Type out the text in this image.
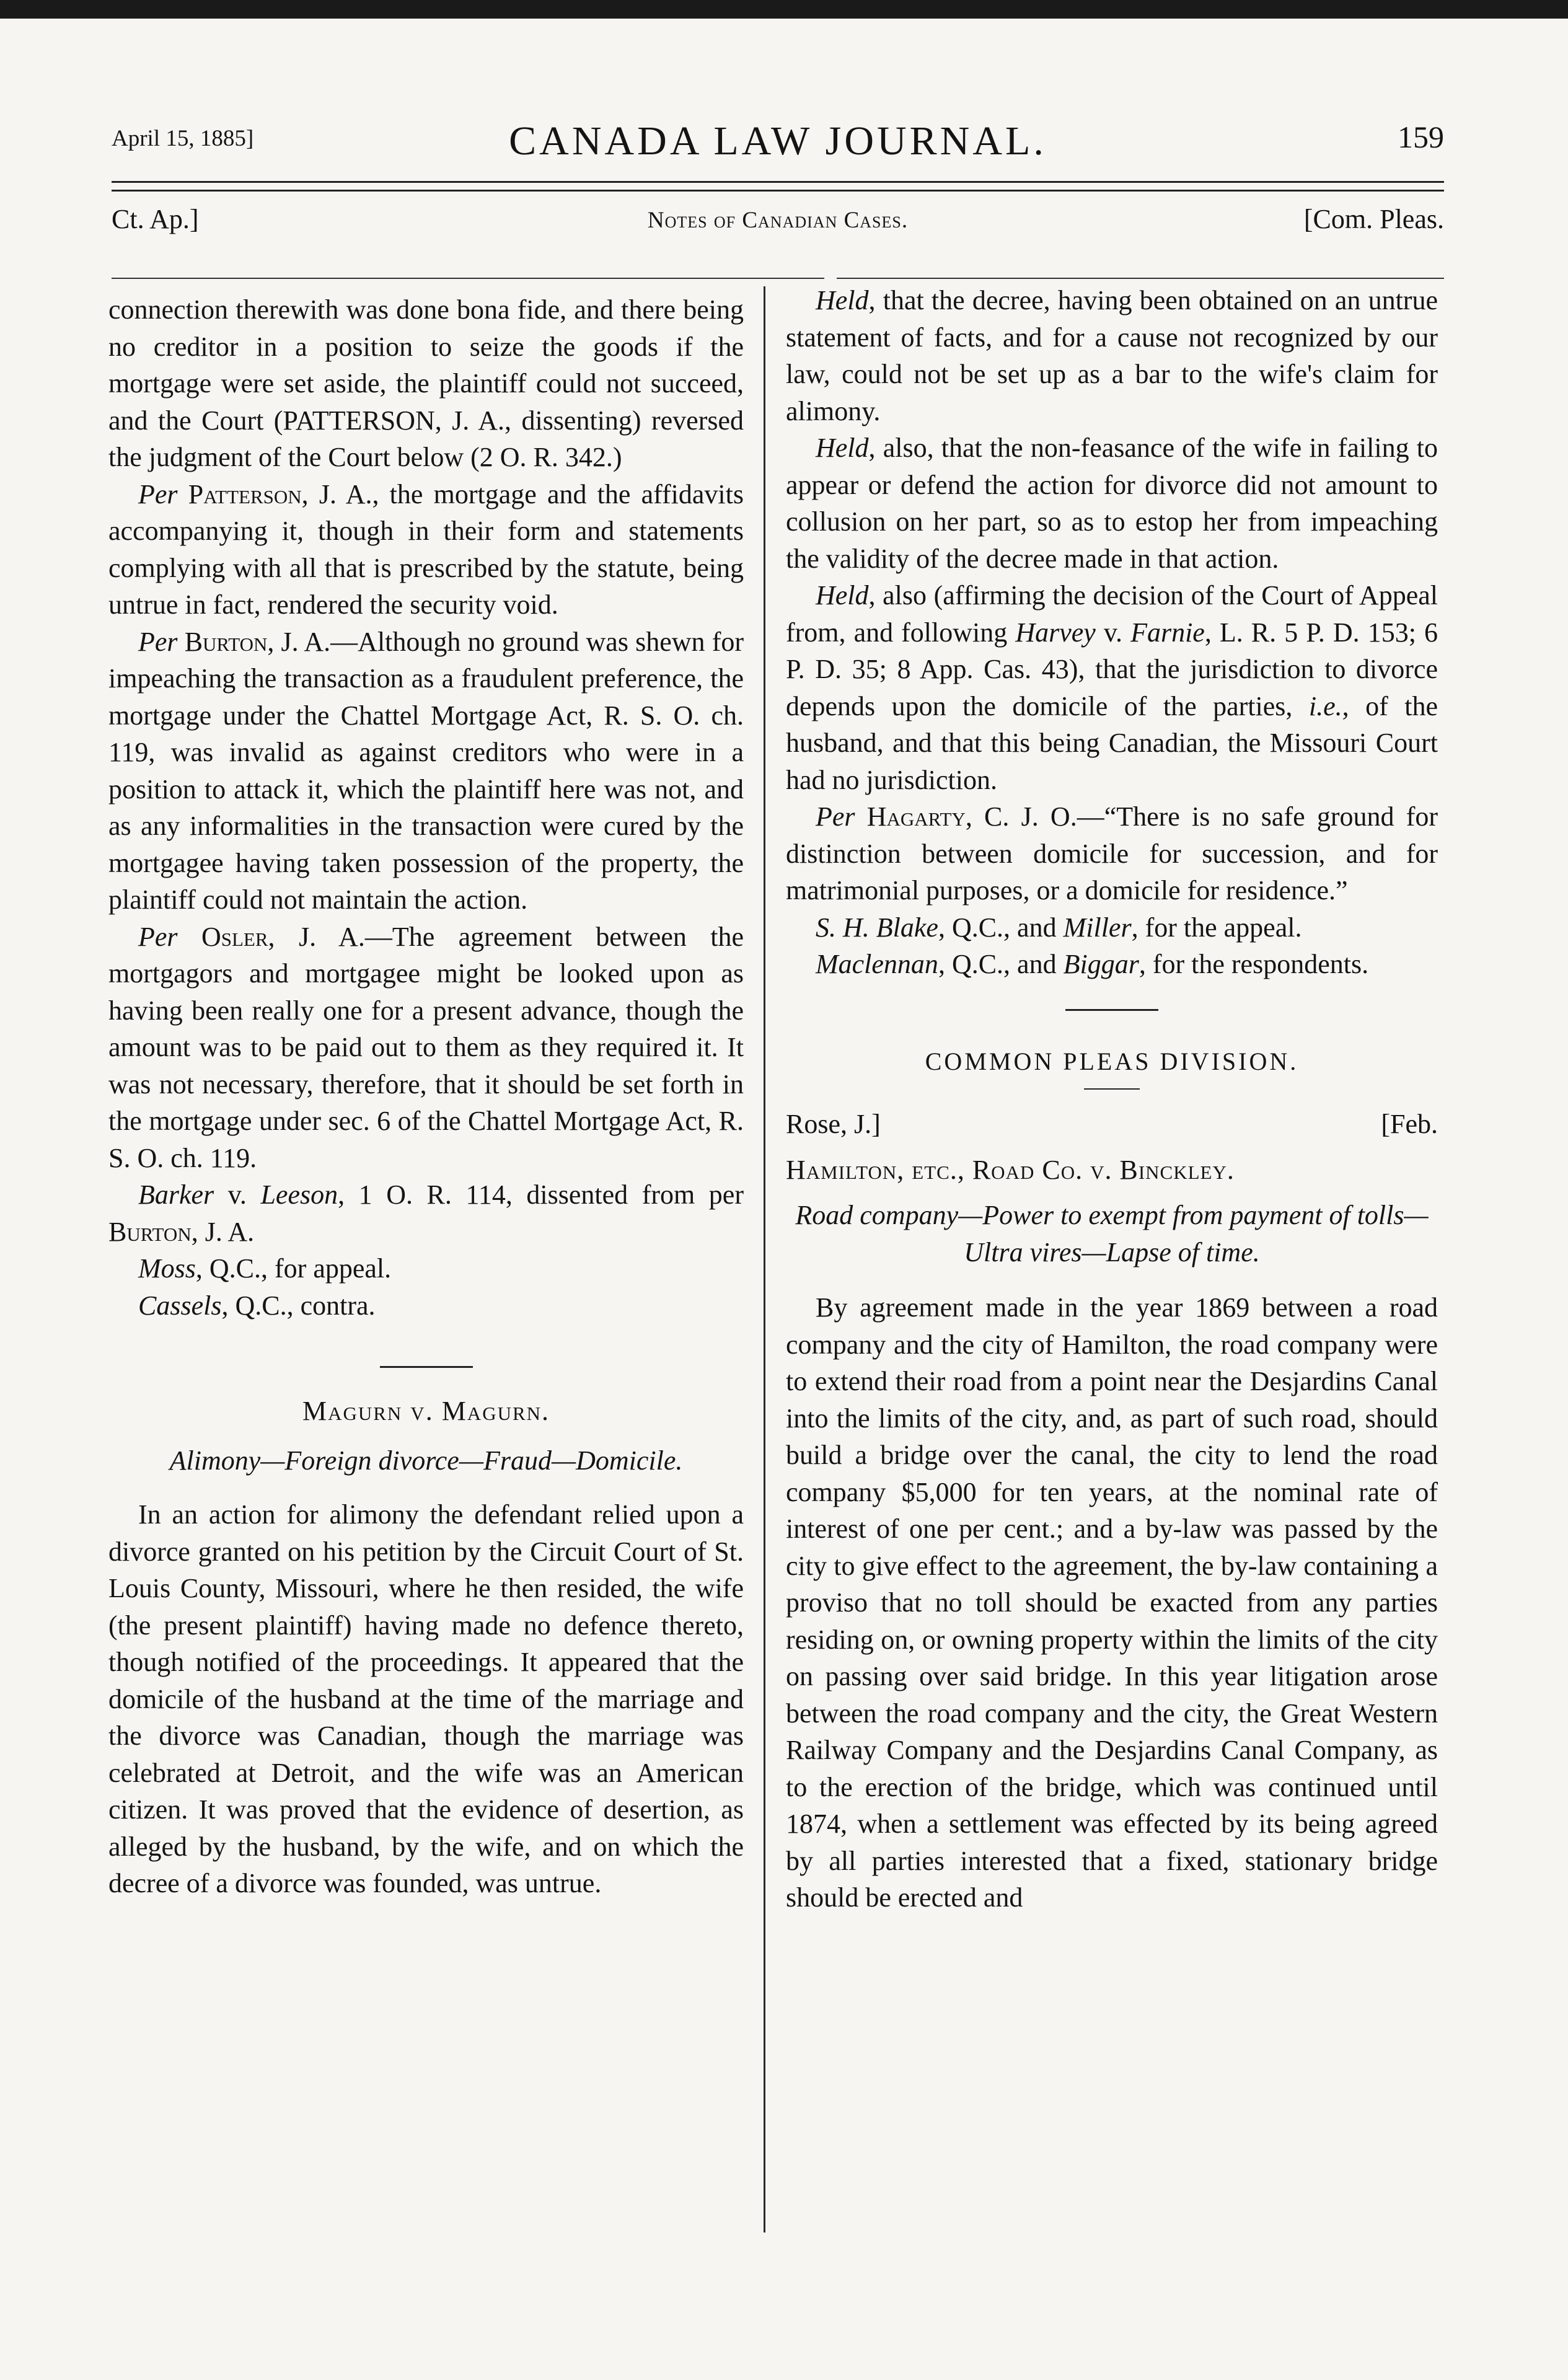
April 15, 1885]	CANADA LAW JOURNAL.	159
Ct. Ap.]	Notes of Canadian Cases.	[Com. Pleas.

connection therewith was done bona fide, and there being no creditor in a position to seize the goods if the mortgage were set aside, the plaintiff could not succeed, and the Court (PATTERSON, J. A., dissenting) reversed the judgment of the Court below (2 O. R. 342.)

Per Patterson, J. A., the mortgage and the affidavits accompanying it, though in their form and statements complying with all that is prescribed by the statute, being untrue in fact, rendered the security void.

Per Burton, J. A.—Although no ground was shewn for impeaching the transaction as a fraudulent preference, the mortgage under the Chattel Mortgage Act, R. S. O. ch. 119, was invalid as against creditors who were in a position to attack it, which the plaintiff here was not, and as any informalities in the transaction were cured by the mortgagee having taken possession of the property, the plaintiff could not maintain the action.

Per Osler, J. A.—The agreement between the mortgagors and mortgagee might be looked upon as having been really one for a present advance, though the amount was to be paid out to them as they required it. It was not necessary, therefore, that it should be set forth in the mortgage under sec. 6 of the Chattel Mortgage Act, R. S. O. ch. 119.

Barker v. Leeson, 1 O. R. 114, dissented from per Burton, J. A.

Moss, Q.C., for appeal.

Cassels, Q.C., contra.

Magurn v. Magurn.

Alimony—Foreign divorce—Fraud—Domicile.

In an action for alimony the defendant relied upon a divorce granted on his petition by the Circuit Court of St. Louis County, Missouri, where he then resided, the wife (the present plaintiff) having made no defence thereto, though notified of the proceedings. It appeared that the domicile of the husband at the time of the marriage and the divorce was Canadian, though the marriage was celebrated at Detroit, and the wife was an American citizen. It was proved that the evidence of desertion, as alleged by the husband, by the wife, and on which the decree of a divorce was founded, was untrue.

Held, that the decree, having been obtained on an untrue statement of facts, and for a cause not recognized by our law, could not be set up as a bar to the wife's claim for alimony.

Held, also, that the non-feasance of the wife in failing to appear or defend the action for divorce did not amount to collusion on her part, so as to estop her from impeaching the validity of the decree made in that action.

Held, also (affirming the decision of the Court of Appeal from, and following Harvey v. Farnie, L. R. 5 P. D. 153; 6 P. D. 35; 8 App. Cas. 43), that the jurisdiction to divorce depends upon the domicile of the parties, i.e., of the husband, and that this being Canadian, the Missouri Court had no jurisdiction.

Per Hagarty, C. J. O.—“There is no safe ground for distinction between domicile for succession, and for matrimonial purposes, or a domicile for residence.”

S. H. Blake, Q.C., and Miller, for the appeal.

Maclennan, Q.C., and Biggar, for the respondents.

COMMON PLEAS DIVISION.

Rose, J.]	[Feb.

Hamilton, etc., Road Co. v. Binckley.

Road company—Power to exempt from payment of tolls—Ultra vires—Lapse of time.

By agreement made in the year 1869 between a road company and the city of Hamilton, the road company were to extend their road from a point near the Desjardins Canal into the limits of the city, and, as part of such road, should build a bridge over the canal, the city to lend the road company $5,000 for ten years, at the nominal rate of interest of one per cent.; and a by-law was passed by the city to give effect to the agreement, the by-law containing a proviso that no toll should be exacted from any parties residing on, or owning property within the limits of the city on passing over said bridge. In this year litigation arose between the road company and the city, the Great Western Railway Company and the Desjardins Canal Company, as to the erection of the bridge, which was continued until 1874, when a settlement was effected by its being agreed by all parties interested that a fixed, stationary bridge should be erected and
